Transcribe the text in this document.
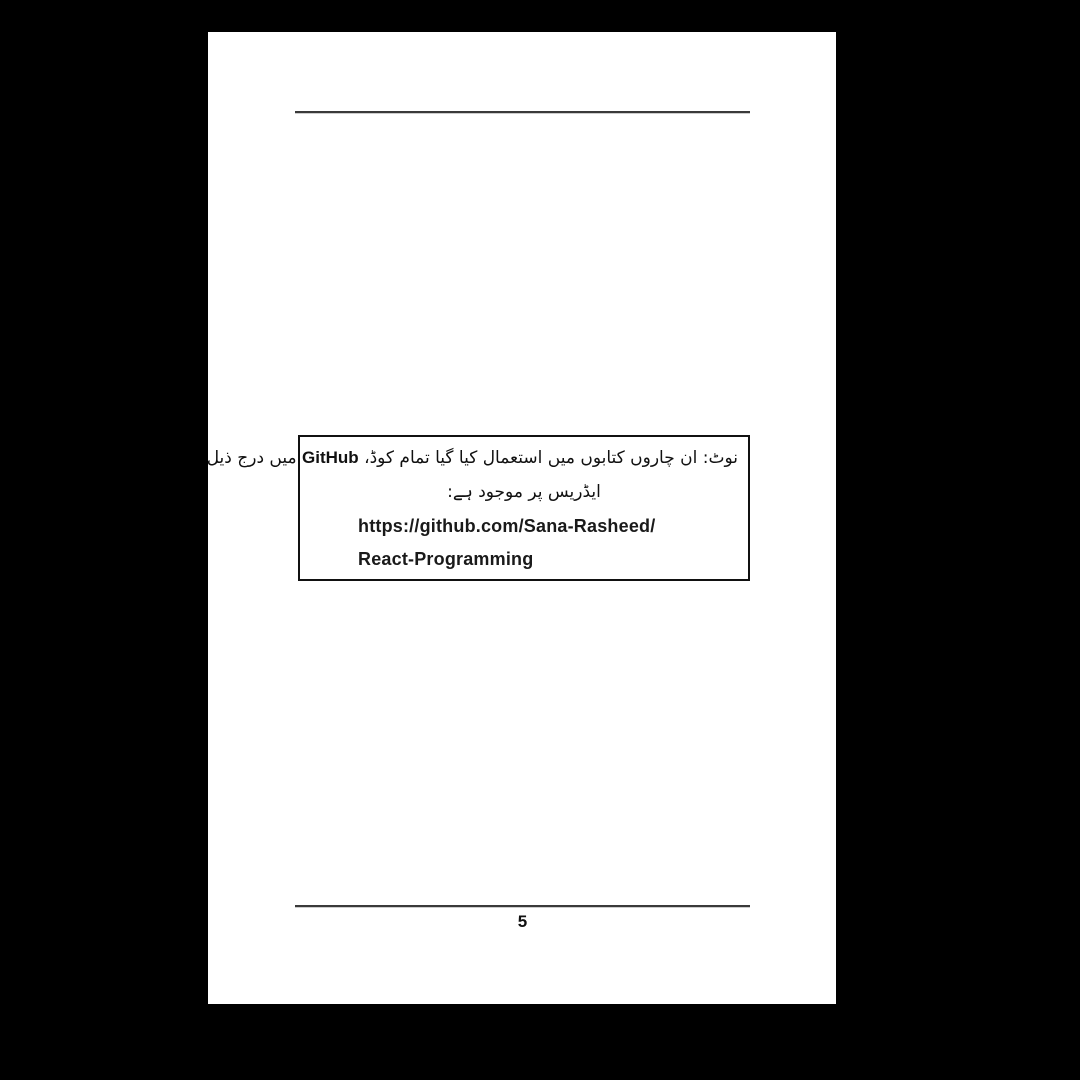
نوٹ: ان چاروں کتابوں میں استعمال کیا گیا تمام کوڈ، GitHub میں درج ذیل
ایڈریس پر موجود ہے:
https://github.com/Sana-Rasheed/
React-Programming
5
